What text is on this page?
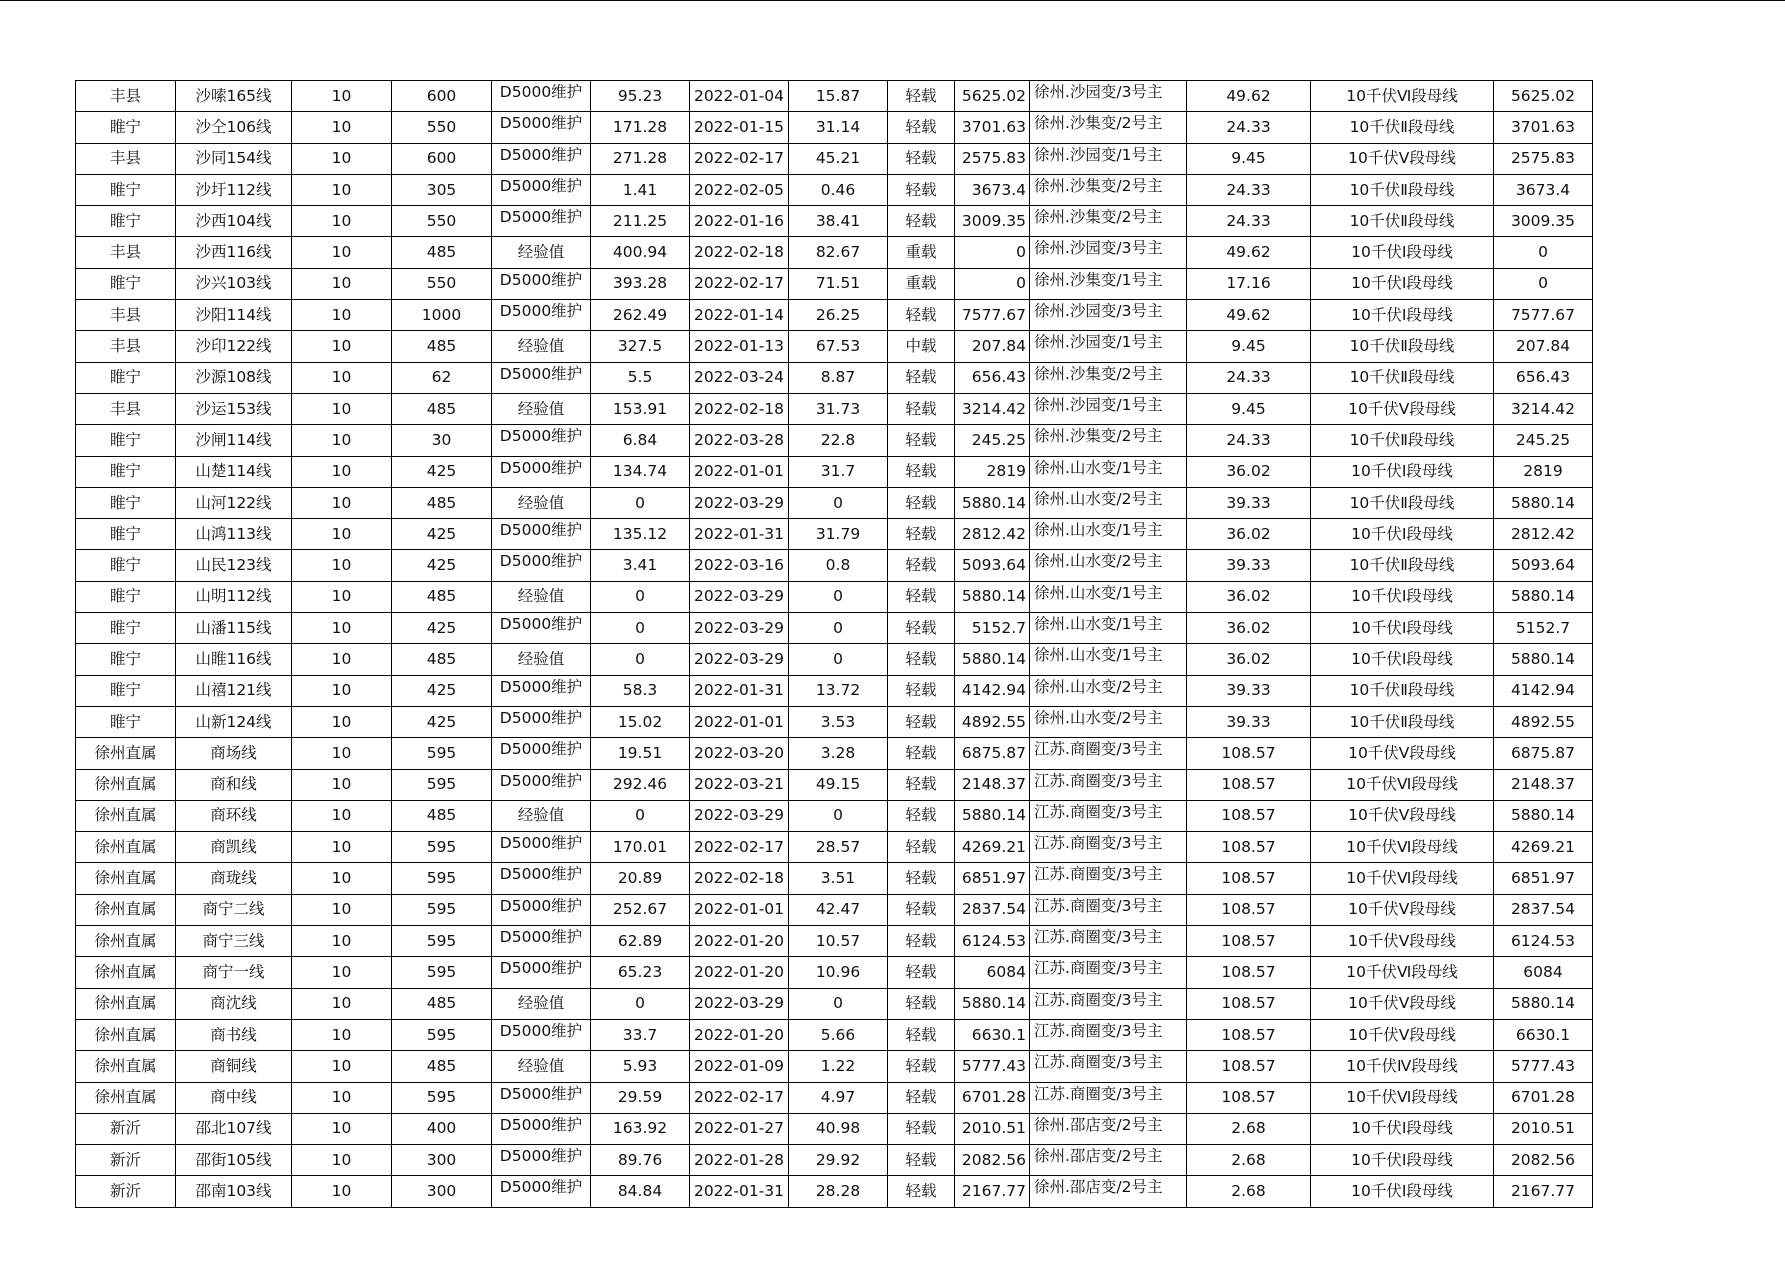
丰县	沙嗦165线	10	600	D5000维护	95.23	2022-01-04	15.87	轻载	5625.02	徐州.沙园变/3号主	49.62	10千伏Ⅵ段母线	5625.02
睢宁	沙仝106线	10	550	D5000维护	171.28	2022-01-15	31.14	轻载	3701.63	徐州.沙集变/2号主	24.33	10千伏Ⅱ段母线	3701.63
丰县	沙同154线	10	600	D5000维护	271.28	2022-02-17	45.21	轻载	2575.83	徐州.沙园变/1号主	9.45	10千伏Ⅴ段母线	2575.83
睢宁	沙圩112线	10	305	D5000维护	1.41	2022-02-05	0.46	轻载	3673.4	徐州.沙集变/2号主	24.33	10千伏Ⅱ段母线	3673.4
睢宁	沙西104线	10	550	D5000维护	211.25	2022-01-16	38.41	轻载	3009.35	徐州.沙集变/2号主	24.33	10千伏Ⅱ段母线	3009.35
丰县	沙西116线	10	485	经验值	400.94	2022-02-18	82.67	重载	0	徐州.沙园变/3号主	49.62	10千伏Ⅰ段母线	0
睢宁	沙兴103线	10	550	D5000维护	393.28	2022-02-17	71.51	重载	0	徐州.沙集变/1号主	17.16	10千伏Ⅰ段母线	0
丰县	沙阳114线	10	1000	D5000维护	262.49	2022-01-14	26.25	轻载	7577.67	徐州.沙园变/3号主	49.62	10千伏Ⅰ段母线	7577.67
丰县	沙印122线	10	485	经验值	327.5	2022-01-13	67.53	中载	207.84	徐州.沙园变/1号主	9.45	10千伏Ⅱ段母线	207.84
睢宁	沙源108线	10	62	D5000维护	5.5	2022-03-24	8.87	轻载	656.43	徐州.沙集变/2号主	24.33	10千伏Ⅱ段母线	656.43
丰县	沙运153线	10	485	经验值	153.91	2022-02-18	31.73	轻载	3214.42	徐州.沙园变/1号主	9.45	10千伏Ⅴ段母线	3214.42
睢宁	沙闸114线	10	30	D5000维护	6.84	2022-03-28	22.8	轻载	245.25	徐州.沙集变/2号主	24.33	10千伏Ⅱ段母线	245.25
睢宁	山楚114线	10	425	D5000维护	134.74	2022-01-01	31.7	轻载	2819	徐州.山水变/1号主	36.02	10千伏Ⅰ段母线	2819
睢宁	山河122线	10	485	经验值	0	2022-03-29	0	轻载	5880.14	徐州.山水变/2号主	39.33	10千伏Ⅱ段母线	5880.14
睢宁	山鸿113线	10	425	D5000维护	135.12	2022-01-31	31.79	轻载	2812.42	徐州.山水变/1号主	36.02	10千伏Ⅰ段母线	2812.42
睢宁	山民123线	10	425	D5000维护	3.41	2022-03-16	0.8	轻载	5093.64	徐州.山水变/2号主	39.33	10千伏Ⅱ段母线	5093.64
睢宁	山明112线	10	485	经验值	0	2022-03-29	0	轻载	5880.14	徐州.山水变/1号主	36.02	10千伏Ⅰ段母线	5880.14
睢宁	山潘115线	10	425	D5000维护	0	2022-03-29	0	轻载	5152.7	徐州.山水变/1号主	36.02	10千伏Ⅰ段母线	5152.7
睢宁	山睢116线	10	485	经验值	0	2022-03-29	0	轻载	5880.14	徐州.山水变/1号主	36.02	10千伏Ⅰ段母线	5880.14
睢宁	山禧121线	10	425	D5000维护	58.3	2022-01-31	13.72	轻载	4142.94	徐州.山水变/2号主	39.33	10千伏Ⅱ段母线	4142.94
睢宁	山新124线	10	425	D5000维护	15.02	2022-01-01	3.53	轻载	4892.55	徐州.山水变/2号主	39.33	10千伏Ⅱ段母线	4892.55
徐州直属	商场线	10	595	D5000维护	19.51	2022-03-20	3.28	轻载	6875.87	江苏.商圈变/3号主	108.57	10千伏Ⅴ段母线	6875.87
徐州直属	商和线	10	595	D5000维护	292.46	2022-03-21	49.15	轻载	2148.37	江苏.商圈变/3号主	108.57	10千伏Ⅵ段母线	2148.37
徐州直属	商环线	10	485	经验值	0	2022-03-29	0	轻载	5880.14	江苏.商圈变/3号主	108.57	10千伏Ⅴ段母线	5880.14
徐州直属	商凯线	10	595	D5000维护	170.01	2022-02-17	28.57	轻载	4269.21	江苏.商圈变/3号主	108.57	10千伏Ⅵ段母线	4269.21
徐州直属	商珑线	10	595	D5000维护	20.89	2022-02-18	3.51	轻载	6851.97	江苏.商圈变/3号主	108.57	10千伏Ⅵ段母线	6851.97
徐州直属	商宁二线	10	595	D5000维护	252.67	2022-01-01	42.47	轻载	2837.54	江苏.商圈变/3号主	108.57	10千伏Ⅴ段母线	2837.54
徐州直属	商宁三线	10	595	D5000维护	62.89	2022-01-20	10.57	轻载	6124.53	江苏.商圈变/3号主	108.57	10千伏Ⅴ段母线	6124.53
徐州直属	商宁一线	10	595	D5000维护	65.23	2022-01-20	10.96	轻载	6084	江苏.商圈变/3号主	108.57	10千伏Ⅵ段母线	6084
徐州直属	商沈线	10	485	经验值	0	2022-03-29	0	轻载	5880.14	江苏.商圈变/3号主	108.57	10千伏Ⅴ段母线	5880.14
徐州直属	商书线	10	595	D5000维护	33.7	2022-01-20	5.66	轻载	6630.1	江苏.商圈变/3号主	108.57	10千伏Ⅴ段母线	6630.1
徐州直属	商铜线	10	485	经验值	5.93	2022-01-09	1.22	轻载	5777.43	江苏.商圈变/3号主	108.57	10千伏Ⅳ段母线	5777.43
徐州直属	商中线	10	595	D5000维护	29.59	2022-02-17	4.97	轻载	6701.28	江苏.商圈变/3号主	108.57	10千伏Ⅵ段母线	6701.28
新沂	邵北107线	10	400	D5000维护	163.92	2022-01-27	40.98	轻载	2010.51	徐州.邵店变/2号主	2.68	10千伏Ⅰ段母线	2010.51
新沂	邵街105线	10	300	D5000维护	89.76	2022-01-28	29.92	轻载	2082.56	徐州.邵店变/2号主	2.68	10千伏Ⅰ段母线	2082.56
新沂	邵南103线	10	300	D5000维护	84.84	2022-01-31	28.28	轻载	2167.77	徐州.邵店变/2号主	2.68	10千伏Ⅰ段母线	2167.77
